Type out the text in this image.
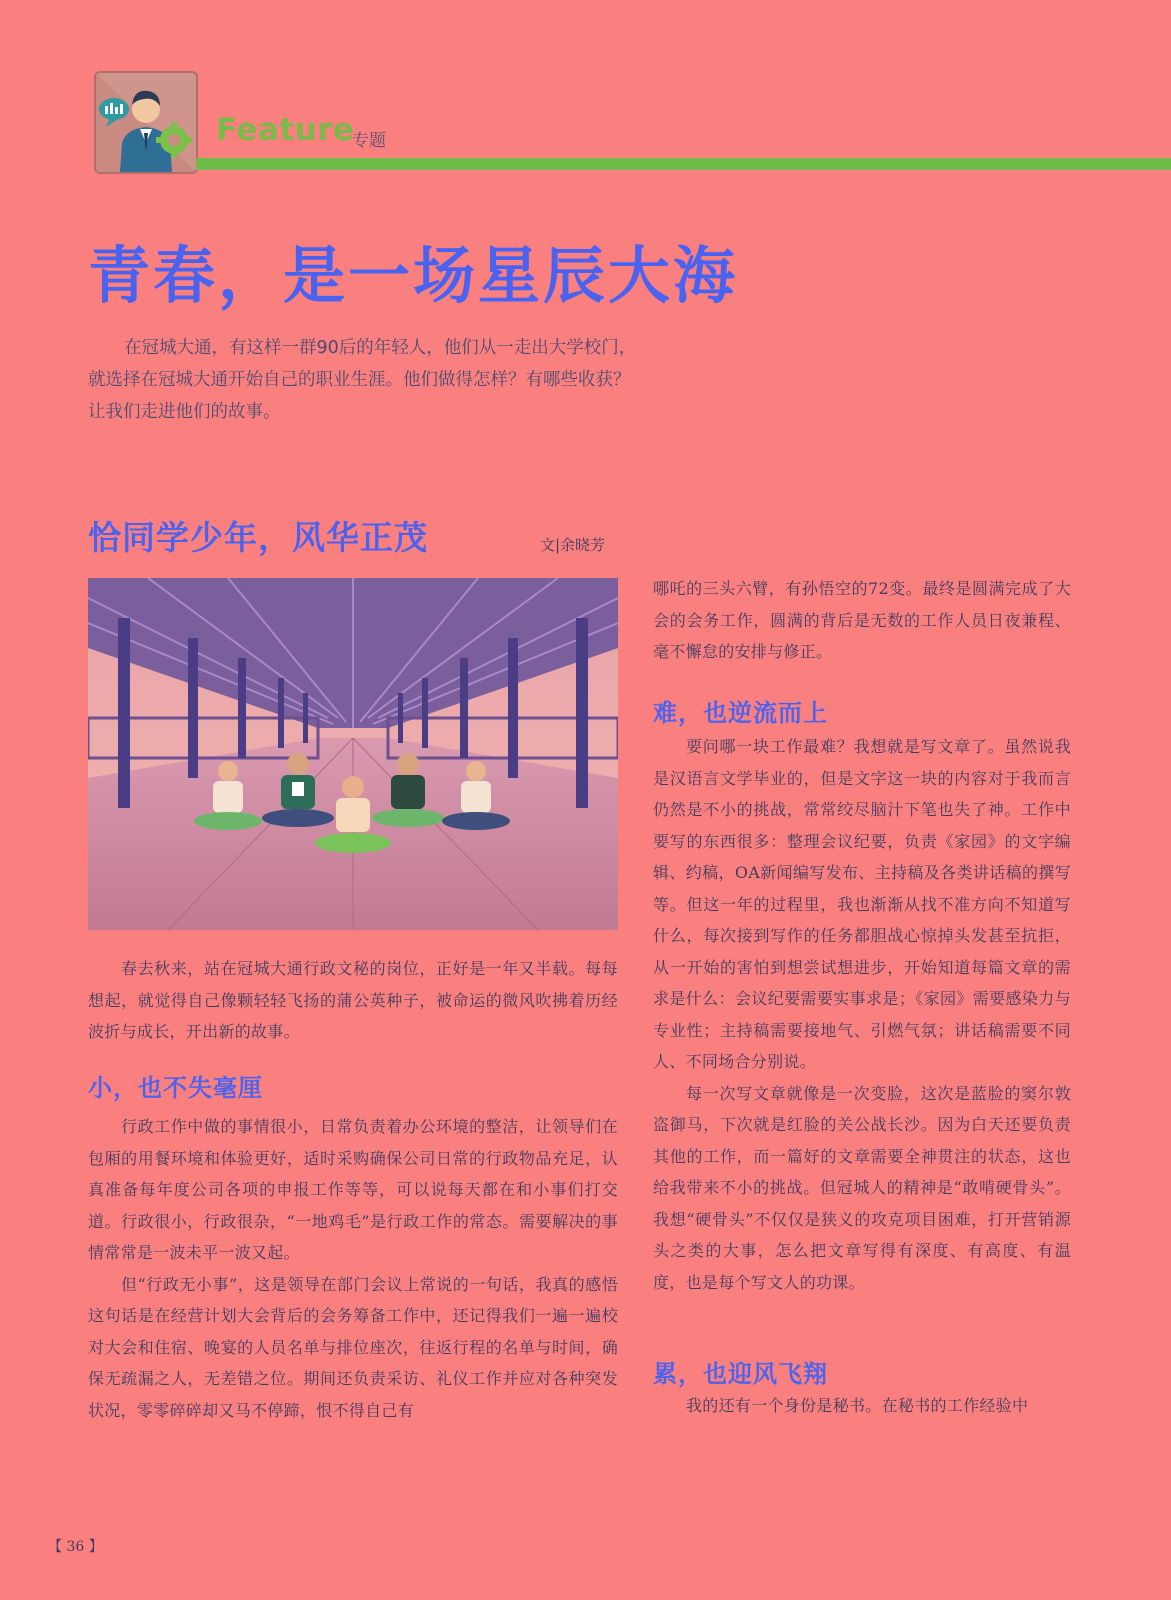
Feature
专题
青春，是一场星辰大海

在冠城大通，有这样一群90后的年轻人，他们从一走出大学校门，

就选择在冠城大通开始自己的职业生涯。他们做得怎样？有哪些收获？

让我们走进他们的故事。

恰同学少年，风华正茂	文|余晓芳

春去秋来，站在冠城大通行政文秘的岗位，正好是一年又半载。每每想起，就觉得自己像颗轻轻飞扬的蒲公英种子，被命运的微风吹拂着历经波折与成长，开出新的故事。

小，也不失毫厘

行政工作中做的事情很小，日常负责着办公环境的整洁，让领导们在包厢的用餐环境和体验更好，适时采购确保公司日常的行政物品充足，认真准备每年度公司各项的申报工作等等，可以说每天都在和小事们打交道。行政很小，行政很杂，“一地鸡毛”是行政工作的常态。需要解决的事情常常是一波未平一波又起。

但“行政无小事”，这是领导在部门会议上常说的一句话，我真的感悟这句话是在经营计划大会背后的会务筹备工作中，还记得我们一遍一遍校对大会和住宿、晚宴的人员名单与排位座次，往返行程的名单与时间，确保无疏漏之人，无差错之位。期间还负责采访、礼仪工作并应对各种突发状况，零零碎碎却又马不停蹄，恨不得自己有

哪吒的三头六臂，有孙悟空的72变。最终是圆满完成了大会的会务工作，圆满的背后是无数的工作人员日夜兼程、毫不懈怠的安排与修正。

难，也逆流而上

要问哪一块工作最难？我想就是写文章了。虽然说我是汉语言文学毕业的，但是文字这一块的内容对于我而言仍然是不小的挑战，常常绞尽脑汁下笔也失了神。工作中要写的东西很多：整理会议纪要，负责《家园》的文字编辑、约稿，OA新闻编写发布、主持稿及各类讲话稿的撰写等。但这一年的过程里，我也渐渐从找不准方向不知道写什么，每次接到写作的任务都胆战心惊掉头发甚至抗拒，从一开始的害怕到想尝试想进步，开始知道每篇文章的需求是什么：会议纪要需要实事求是；《家园》需要感染力与专业性；主持稿需要接地气、引燃气氛；讲话稿需要不同人、不同场合分别说。

每一次写文章就像是一次变脸，这次是蓝脸的窦尔敦盗御马，下次就是红脸的关公战长沙。因为白天还要负责其他的工作，而一篇好的文章需要全神贯注的状态，这也给我带来不小的挑战。但冠城人的精神是“敢啃硬骨头”。我想“硬骨头”不仅仅是狭义的攻克项目困难，打开营销源头之类的大事，怎么把文章写得有深度、有高度、有温度，也是每个写文人的功课。

累，也迎风飞翔

我的还有一个身份是秘书。在秘书的工作经验中

【 36 】
